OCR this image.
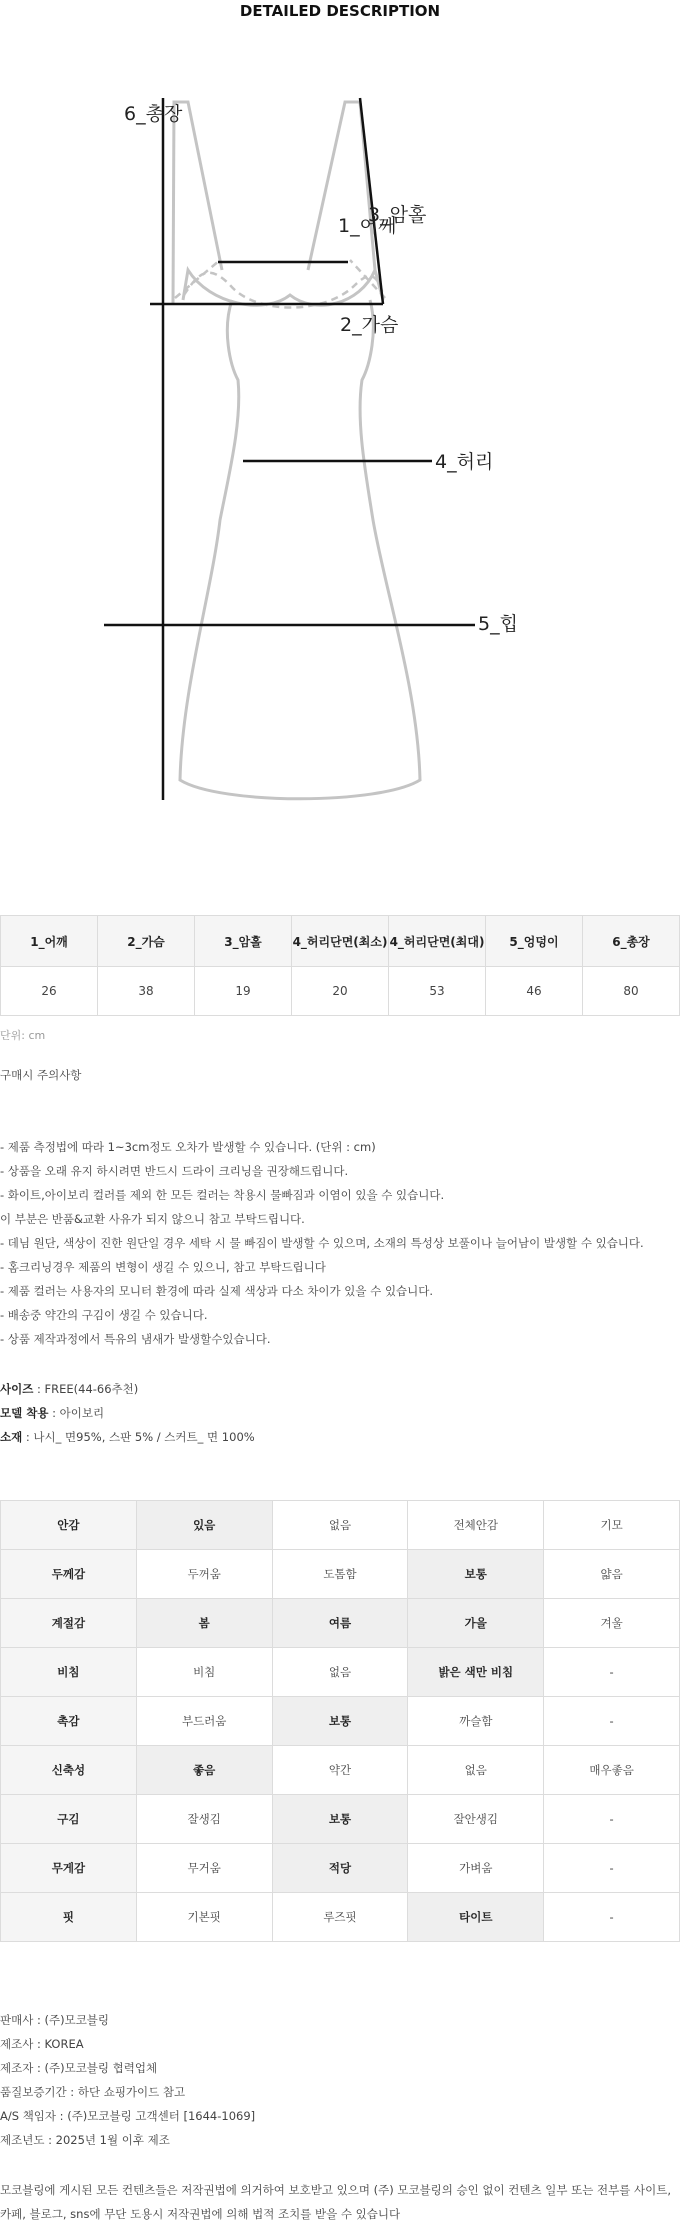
DETAILED DESCRIPTION
6_총장
1_어깨
3_암홀
2_가슴
4_허리
5_힙
1_어깨	2_가슴	3_암홀	4_허리단면(최소)	4_허리단면(최대)	5_엉덩이	6_총장
26	38	19	20	53	46	80
단위: cm
구매시 주의사항
- 제품 측정법에 따라 1~3cm정도 오차가 발생할 수 있습니다. (단위 : cm)
- 상품을 오래 유지 하시려면 반드시 드라이 크리닝을 권장해드립니다.
- 화이트,아이보리 컬러를 제외 한 모든 컬러는 착용시 물빠짐과 이염이 있을 수 있습니다.
이 부분은 반품&교환 사유가 되지 않으니 참고 부탁드립니다.
- 데님 원단, 색상이 진한 원단일 경우 세탁 시 물 빠짐이 발생할 수 있으며, 소재의 특성상 보풀이나 늘어남이 발생할 수 있습니다.
- 홈크리닝경우 제품의 변형이 생길 수 있으니, 참고 부탁드립니다
- 제품 컬러는 사용자의 모니터 환경에 따라 실제 색상과 다소 차이가 있을 수 있습니다.
- 배송중 약간의 구김이 생길 수 있습니다.
- 상품 제작과정에서 특유의 냄새가 발생할수있습니다.
사이즈 : FREE(44-66추천)
모델 착용 : 아이보리
소재 : 나시_ 면95%, 스판 5% / 스커트_ 면 100%
안감	있음	없음	전체안감	기모
두께감	두꺼움	도톰함	보통	얇음
계절감	봄	여름	가을	겨울
비침	비침	없음	밝은 색만 비침	-
촉감	부드러움	보통	까슬함	-
신축성	좋음	약간	없음	매우좋음
구김	잘생김	보통	잘안생김	-
무게감	무거움	적당	가벼움	-
핏	기본핏	루즈핏	타이트	-
판매사 : (주)모코블링
제조사 : KOREA
제조자 : (주)모코블링 협력업체
품질보증기간 : 하단 쇼핑가이드 참고
A/S 책임자 : (주)모코블링 고객센터 [1644-1069]
제조년도 : 2025년 1월 이후 제조
모코블링에 게시된 모든 컨텐츠들은 저작권법에 의거하여 보호받고 있으며 (주) 모코블링의 승인 없이 컨텐츠 일부 또는 전부를 사이트,
카페, 블로그, sns에 무단 도용시 저작권법에 의해 법적 조치를 받을 수 있습니다
